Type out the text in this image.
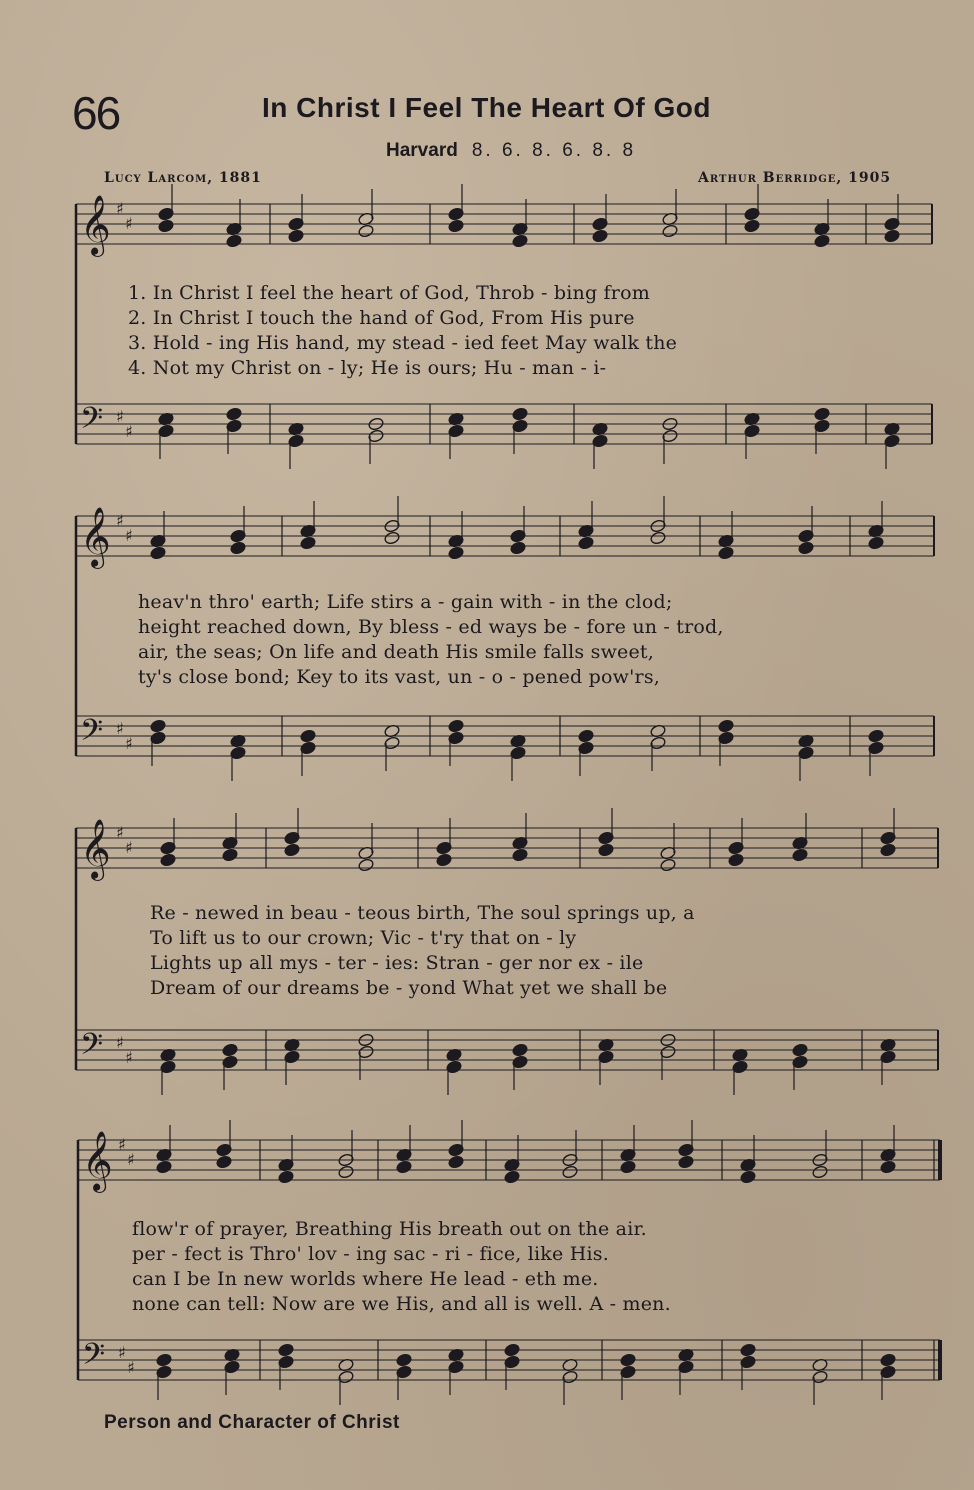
66	In Christ I Feel The Heart Of God
Harvard 8. 6. 8. 6. 8. 8
Lucy Larcom, 1881	Arthur Berridge, 1905
𝄞
𝄢
♯
♯
♯
♯
𝄞
𝄢
♯
♯
♯
♯
𝄞
𝄢
♯
♯
♯
♯
𝄞
𝄢
♯
♯
♯
♯
1. In Christ I feel the heart of God, Throb - bing from
2. In Christ I touch the hand of God, From His pure
3. Hold - ing His hand, my stead - ied feet May walk the
4. Not my Christ on - ly; He is ours; Hu - man - i-
heav'n thro' earth; Life stirs a - gain with - in the clod;
height reached down, By bless - ed ways be - fore un - trod,
air, the seas; On life and death His smile falls sweet,
ty's close bond; Key to its vast, un - o - pened pow'rs,
Re - newed in beau - teous birth, The soul springs up, a
To lift us to our crown; Vic - t'ry that on - ly
Lights up all mys - ter - ies: Stran - ger nor ex - ile
Dream of our dreams be - yond What yet we shall be
flow'r of prayer, Breathing His breath out on the air.
per - fect is Thro' lov - ing sac - ri - fice, like His.
can I be In new worlds where He lead - eth me.
none can tell: Now are we His, and all is well. A - men.
Person and Character of Christ
